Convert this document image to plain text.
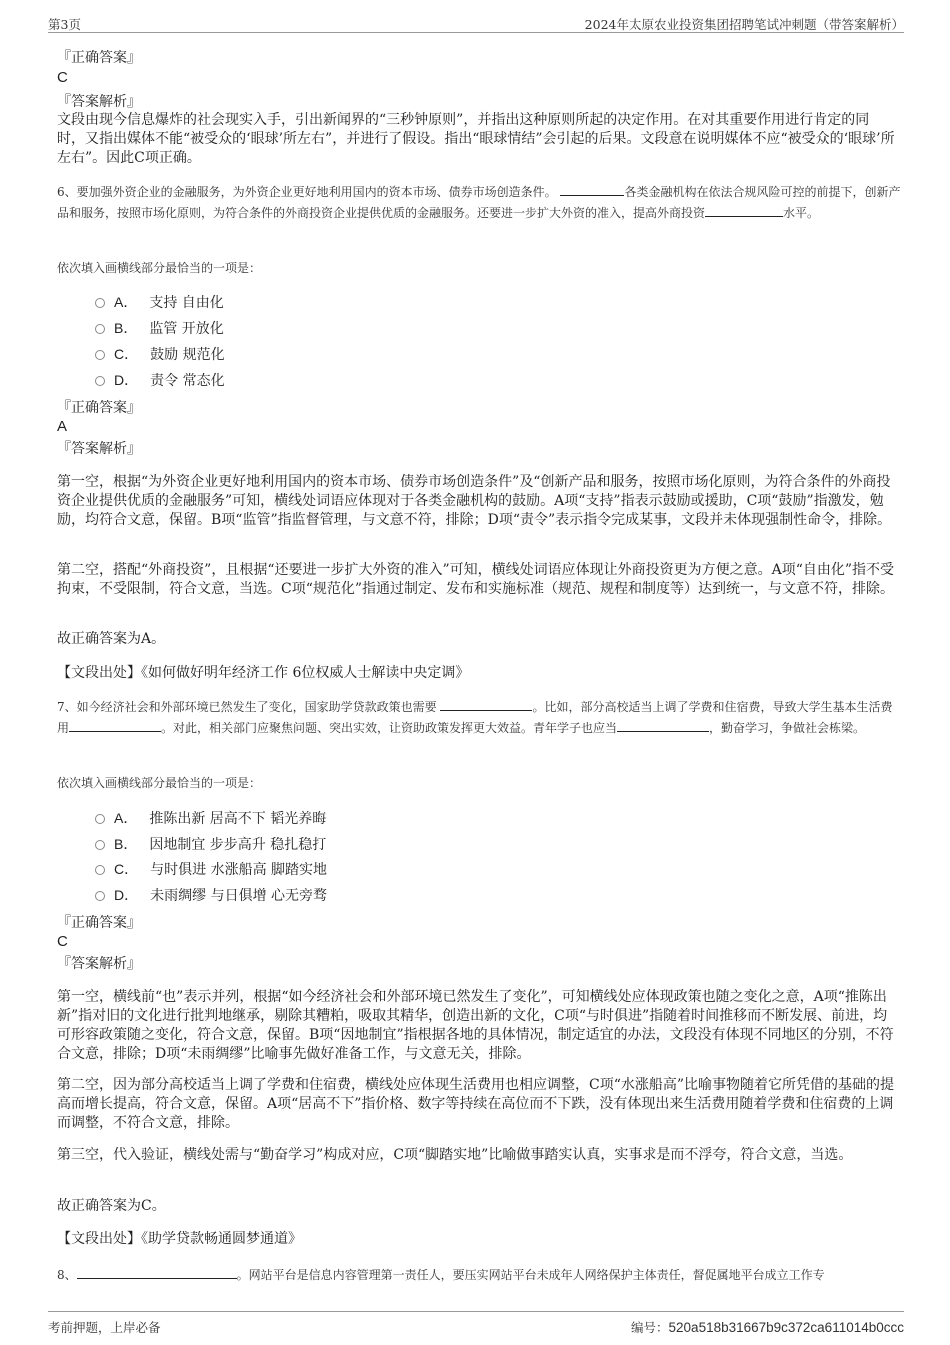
第3页	2024年太原农业投资集团招聘笔试冲刺题（带答案解析）
『正确答案』
C
『答案解析』

文段由现今信息爆炸的社会现实入手，引出新闻界的“三秒钟原则”，并指出这种原则所起的决定作用。在对其重要作用进行肯定的同时，又指出媒体不能“被受众的‘眼球’所左右”，并进行了假设。指出“眼球情结”会引起的后果。文段意在说明媒体不应“被受众的‘眼球’所左右”。因此C项正确。

6、要加强外资企业的金融服务，为外资企业更好地利用国内的资本市场、债券市场创造条件。	各类金融机构在依法合规风险可控的前提下，创新产品和服务，按照市场化原则，为符合条件的外商投资企业提供优质的金融服务。还要进一步扩大外资的准入，提高外商投资	水平。

依次填入画横线部分最恰当的一项是：

A． 支持 自由化
B． 监管 开放化
C． 鼓励 规范化
D． 责令 常态化
『正确答案』
A
『答案解析』

第一空，根据“为外资企业更好地利用国内的资本市场、债券市场创造条件”及“创新产品和服务，按照市场化原则，为符合条件的外商投资企业提供优质的金融服务”可知，横线处词语应体现对于各类金融机构的鼓励。A项“支持”指表示鼓励或援助，C项“鼓励”指激发，勉励，均符合文意，保留。B项“监管”指监督管理，与文意不符，排除；D项“责令”表示指令完成某事，文段并未体现强制性命令，排除。

第二空，搭配“外商投资”，且根据“还要进一步扩大外资的准入”可知，横线处词语应体现让外商投资更为方便之意。A项“自由化”指不受拘束，不受限制，符合文意，当选。C项“规范化”指通过制定、发布和实施标准（规范、规程和制度等）达到统一，与文意不符，排除。

故正确答案为A。

【文段出处】《如何做好明年经济工作 6位权威人士解读中央定调》

7、如今经济社会和外部环境已然发生了变化，国家助学贷款政策也需要	。比如，部分高校适当上调了学费和住宿费，导致大学生基本生活费用	。对此，相关部门应聚焦问题、突出实效，让资助政策发挥更大效益。青年学子也应当	，勤奋学习，争做社会栋梁。

依次填入画横线部分最恰当的一项是：

A． 推陈出新 居高不下 韬光养晦
B． 因地制宜 步步高升 稳扎稳打
C． 与时俱进 水涨船高 脚踏实地
D． 未雨绸缪 与日俱增 心无旁骛
『正确答案』
C
『答案解析』

第一空，横线前“也”表示并列，根据“如今经济社会和外部环境已然发生了变化”，可知横线处应体现政策也随之变化之意，A项“推陈出新”指对旧的文化进行批判地继承，剔除其糟粕，吸取其精华，创造出新的文化，C项“与时俱进”指随着时间推移而不断发展、前进，均可形容政策随之变化，符合文意，保留。B项“因地制宜”指根据各地的具体情况，制定适宜的办法，文段没有体现不同地区的分别，不符合文意，排除；D项“未雨绸缪”比喻事先做好准备工作，与文意无关，排除。

第二空，因为部分高校适当上调了学费和住宿费，横线处应体现生活费用也相应调整，C项“水涨船高”比喻事物随着它所凭借的基础的提高而增长提高，符合文意，保留。A项“居高不下”指价格、数字等持续在高位而不下跌，没有体现出来生活费用随着学费和住宿费的上调而调整，不符合文意，排除。

第三空，代入验证，横线处需与“勤奋学习”构成对应，C项“脚踏实地”比喻做事踏实认真，实事求是而不浮夸，符合文意，当选。

故正确答案为C。

【文段出处】《助学贷款畅通圆梦通道》

8、	。网站平台是信息内容管理第一责任人，要压实网站平台未成年人网络保护主体责任，督促属地平台成立工作专

考前押题，上岸必备	编号：520a518b31667b9c372ca611014b0ccc
